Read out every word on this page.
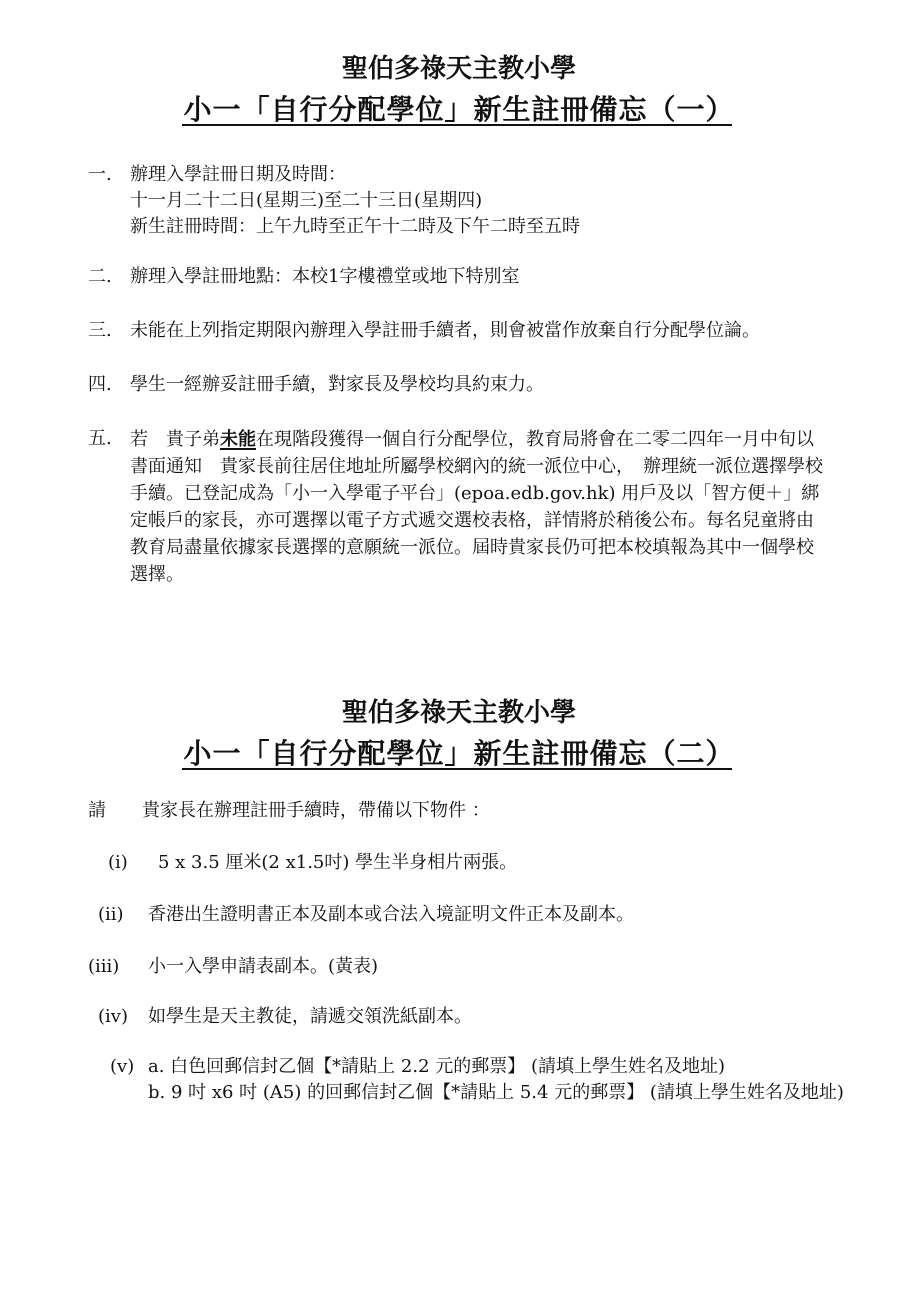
聖伯多祿天主教小學
小一「自行分配學位」新生註冊備忘（一）
一.	辦理入學註冊日期及時間：
十一月二十二日(星期三)至二十三日(星期四)
新生註冊時間：上午九時至正午十二時及下午二時至五時
二.	辦理入學註冊地點：本校1字樓禮堂或地下特別室
三.	未能在上列指定期限內辦理入學註冊手續者，則會被當作放棄自行分配學位論。
四.	學生一經辦妥註冊手續，對家長及學校均具約束力。
五.	若　貴子弟未能在現階段獲得一個自行分配學位，教育局將會在二零二四年一月中旬以書面通知　貴家長前往居住地址所屬學校網內的統一派位中心，　辦理統一派位選擇學校手續。已登記成為「小一入學電子平台」(epoa.edb.gov.hk) 用戶及以「智方便＋」綁定帳戶的家長，亦可選擇以電子方式遞交選校表格，詳情將於稍後公布。每名兒童將由教育局盡量依據家長選擇的意願統一派位。屆時貴家長仍可把本校填報為其中一個學校選擇。
聖伯多祿天主教小學
小一「自行分配學位」新生註冊備忘（二）
請　　貴家長在辦理註冊手續時，帶備以下物件 ：
(i) 5 x 3.5 厘米(2 x1.5吋) 學生半身相片兩張。
(ii) 香港出生證明書正本及副本或合法入境証明文件正本及副本。
(iii) 小一入學申請表副本。(黃表)
(iv) 如學生是天主教徒，請遞交領洗紙副本。
(v) a. 白色回郵信封乙個【*請貼上 2.2 元的郵票】 (請填上學生姓名及地址)
b. 9 吋 x6 吋 (A5) 的回郵信封乙個【*請貼上 5.4 元的郵票】 (請填上學生姓名及地址)
